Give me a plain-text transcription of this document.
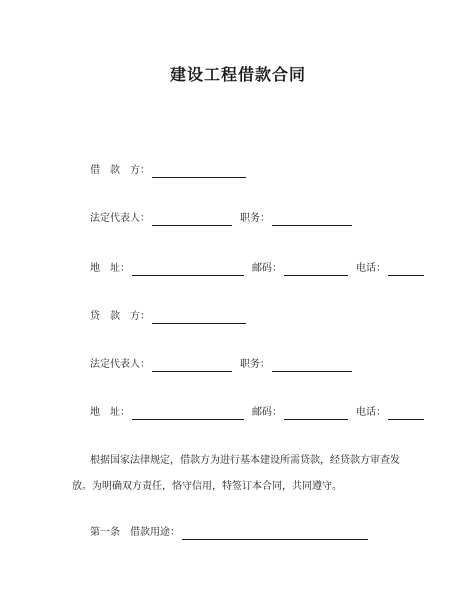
建设工程借款合同
借　款　方：
法定代表人：	职务：
地　址：	邮码：	电话：
贷　款　方：
法定代表人：	职务：
地　址：	邮码：	电话：
根据国家法律规定，借款方为进行基本建设所需贷款，经贷款方审查发放。为明确双方责任，恪守信用，特签订本合同，共同遵守。
第一条　借款用途：
